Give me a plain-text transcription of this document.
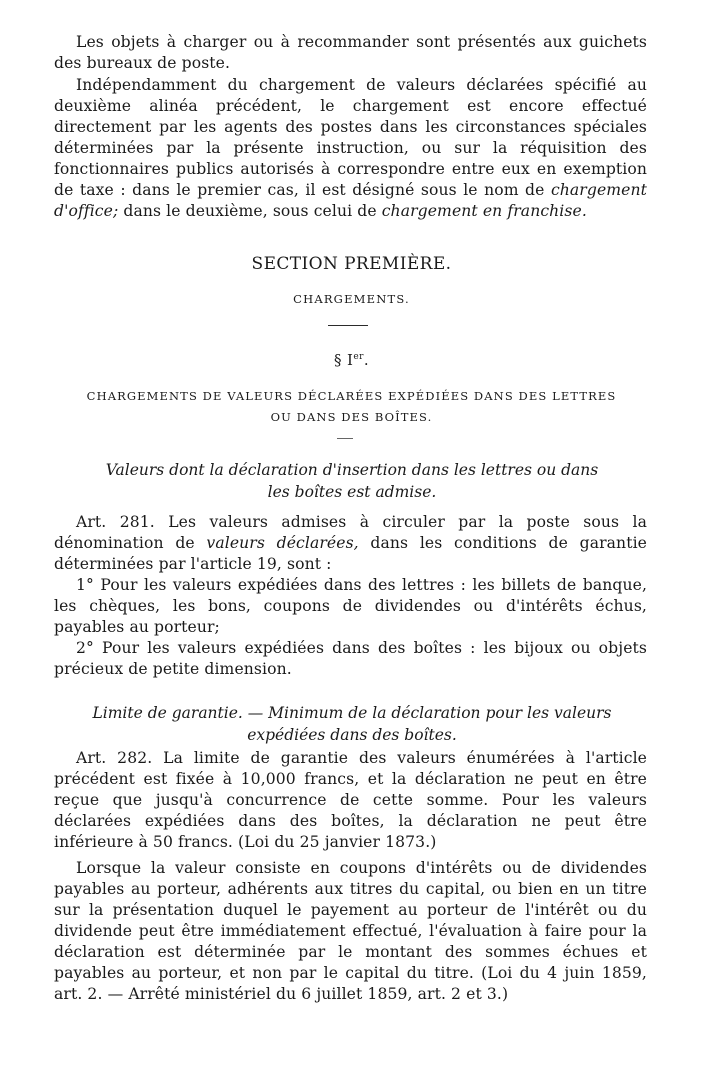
Les objets à charger ou à recommander sont présentés aux guichets des bureaux de poste.

Indépendamment du chargement de valeurs déclarées spécifié au deuxième alinéa précédent, le chargement est encore effectué directement par les agents des postes dans les circonstances spéciales déterminées par la présente instruction, ou sur la réquisition des fonctionnaires publics autorisés à correspondre entre eux en exemption de taxe : dans le premier cas, il est désigné sous le nom de chargement d'office; dans le deuxième, sous celui de chargement en franchise.

SECTION PREMIÈRE.
CHARGEMENTS.
§ Ier.
CHARGEMENTS DE VALEURS DÉCLARÉES EXPÉDIÉES DANS DES LETTRES
OU DANS DES BOÎTES.
Valeurs dont la déclaration d'insertion dans les lettres ou dans
les boîtes est admise.

Art. 281. Les valeurs admises à circuler par la poste sous la dénomination de valeurs déclarées, dans les conditions de garantie déterminées par l'article 19, sont :

1° Pour les valeurs expédiées dans des lettres : les billets de banque, les chèques, les bons, coupons de dividendes ou d'intérêts échus, payables au porteur;

2° Pour les valeurs expédiées dans des boîtes : les bijoux ou objets précieux de petite dimension.

Limite de garantie. — Minimum de la déclaration pour les valeurs
expédiées dans des boîtes.

Art. 282. La limite de garantie des valeurs énumérées à l'article précédent est fixée à 10,000 francs, et la déclaration ne peut en être reçue que jusqu'à concurrence de cette somme. Pour les valeurs déclarées expédiées dans des boîtes, la déclaration ne peut être inférieure à 50 francs. (Loi du 25 janvier 1873.)

Lorsque la valeur consiste en coupons d'intérêts ou de dividendes payables au porteur, adhérents aux titres du capital, ou bien en un titre sur la présentation duquel le payement au porteur de l'intérêt ou du dividende peut être immédiatement effectué, l'évaluation à faire pour la déclaration est déterminée par le montant des sommes échues et payables au porteur, et non par le capital du titre. (Loi du 4 juin 1859, art. 2. — Arrêté ministériel du 6 juillet 1859, art. 2 et 3.)
